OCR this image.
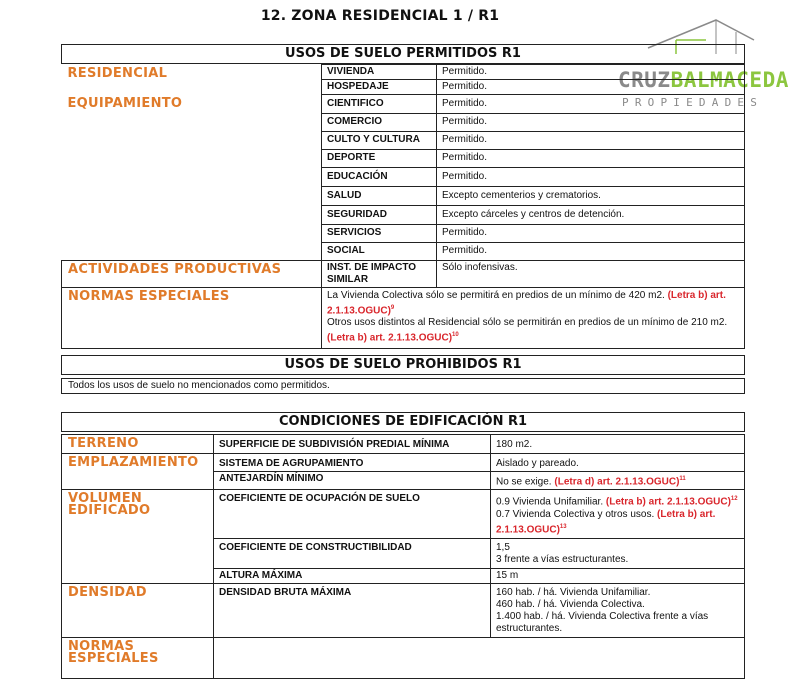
12. ZONA RESIDENCIAL 1 / R1
CRUZBALMACEDA
PROPIEDADES
USOS DE SUELO PERMITIDOS R1
RESIDENCIAL	VIVIENDA	Permitido.
	HOSPEDAJE	Permitido.
EQUIPAMIENTO	CIENTIFICO	Permitido.
	COMERCIO	Permitido.
	CULTO Y CULTURA	Permitido.
	DEPORTE	Permitido.
	EDUCACIÓN	Permitido.
	SALUD	Excepto cementerios y crematorios.
	SEGURIDAD	Excepto cárceles y centros de detención.
	SERVICIOS	Permitido.
	SOCIAL	Permitido.
ACTIVIDADES PRODUCTIVAS	INST. DE IMPACTO SIMILAR	Sólo inofensivas.
NORMAS ESPECIALES	La Vivienda Colectiva sólo se permitirá en predios de un mínimo de 420 m2. (Letra b) art. 2.1.13.OGUC)$^9$
Otros usos distintos al Residencial sólo se permitirán en predios de un mínimo de 210 m2. (Letra b) art. 2.1.13.OGUC)$^{10}$
USOS DE SUELO PROHIBIDOS R1
Todos los usos de suelo no mencionados como permitidos.
CONDICIONES DE EDIFICACIÓN R1
TERRENO	SUPERFICIE DE SUBDIVISIÓN PREDIAL MÍNIMA	180 m2.
EMPLAZAMIENTO	SISTEMA DE AGRUPAMIENTO	Aislado y pareado.
	ANTEJARDÍN MÍNIMO	No se exige. (Letra d) art. 2.1.13.OGUC)$^{11}$
VOLUMEN EDIFICADO	COEFICIENTE DE OCUPACIÓN DE SUELO	0.9 Vivienda Unifamiliar. (Letra b) art. 2.1.13.OGUC)$^{12}$
0.7 Vivienda Colectiva y otros usos. (Letra b) art. 2.1.13.OGUC)$^{13}$
	COEFICIENTE DE CONSTRUCTIBILIDAD	1,5
3 frente a vías estructurantes.
	ALTURA MÁXIMA	15 m
DENSIDAD	DENSIDAD BRUTA MÁXIMA	160 hab. / há. Vivienda Unifamiliar.
460 hab. / há. Vivienda Colectiva.
1.400 hab. / há. Vivienda Colectiva frente a vías estructurantes.
NORMAS ESPECIALES		
